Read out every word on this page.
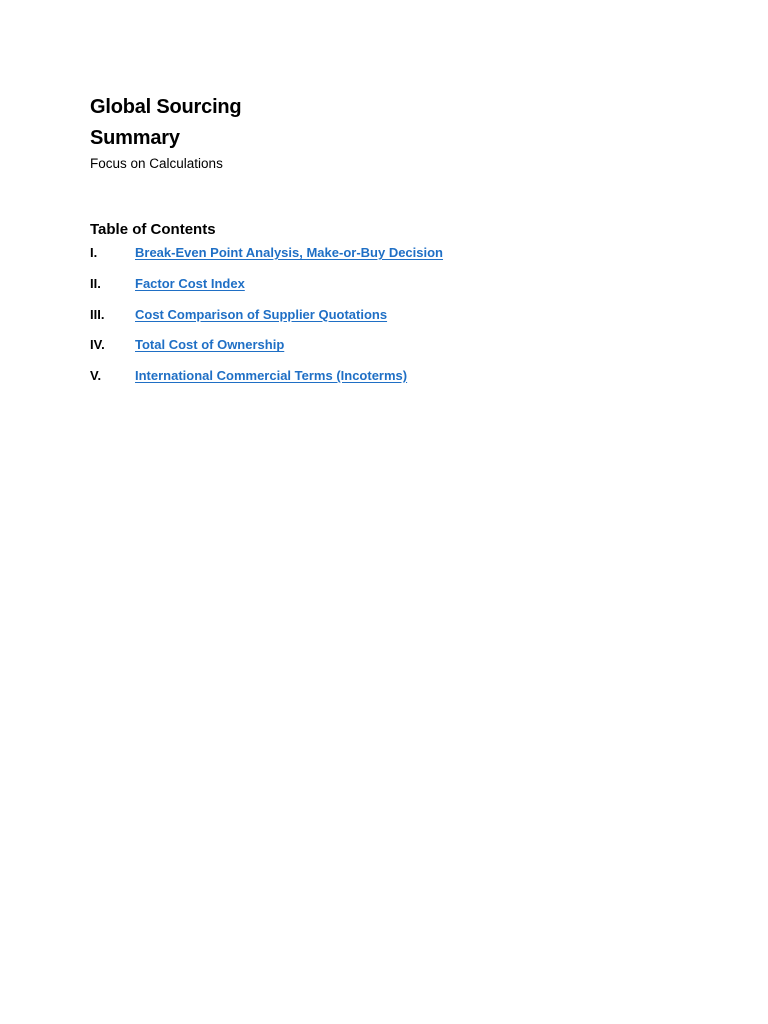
Global Sourcing
Summary

Focus on Calculations

Table of Contents
I.	Break-Even Point Analysis, Make-or-Buy Decision
II.	Factor Cost Index
III.	Cost Comparison of Supplier Quotations
IV.	Total Cost of Ownership
V.	International Commercial Terms (Incoterms)
